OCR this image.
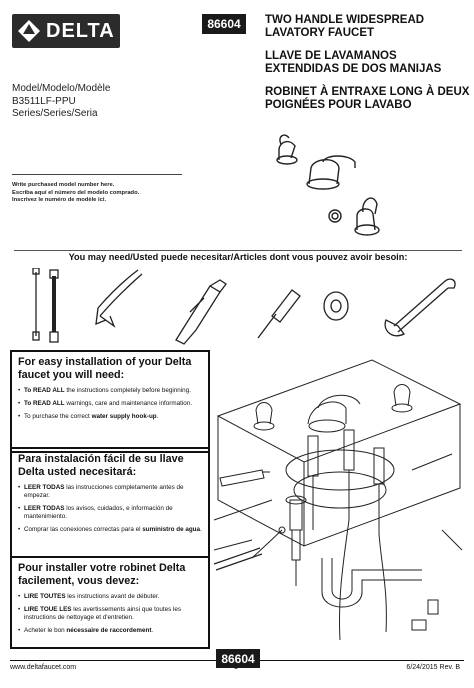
DELTA	86604	TWO HANDLE WIDESPREAD LAVATORY FAUCET
LLAVE DE LAVAMANOS EXTENDIDAS DE DOS MANIJAS
ROBINET À ENTRAXE LONG À DEUX POIGNÉES POUR LAVABO
Model/Modelo/Modèle
B3511LF-PPU
Series/Series/Seria
Write purchased model number here.
Escriba aquí el número del modelo comprado.
Inscrivez le numéro de modèle ici.
You may need/Usted puede necesitar/Articles dont vous pouvez avoir besoin:
For easy installation of your Delta faucet you will need:
• To READ ALL the instructions completely before beginning.
• To READ ALL warnings, care and maintenance information.
• To purchase the correct water supply hook-up.
Para instalación fácil de su llave Delta usted necesitará:
• LEER TODAS las instrucciones completamente antes de empezar.
• LEER TODAS los avisos, cuidados, e información de mantenimiento.
• Comprar las conexiones correctas para el suministro de agua.
Pour installer votre robinet Delta facilement, vous devez:
• LIRE TOUTES les instructions avant de débuter.
• LIRE TOUE LES les avertissements ainsi que toutes les instructions de nettoyage et d'entretien.
• Acheter le bon nécessaire de raccordement.
86604
www.deltafaucet.com	1	6/24/2015 Rev. B
